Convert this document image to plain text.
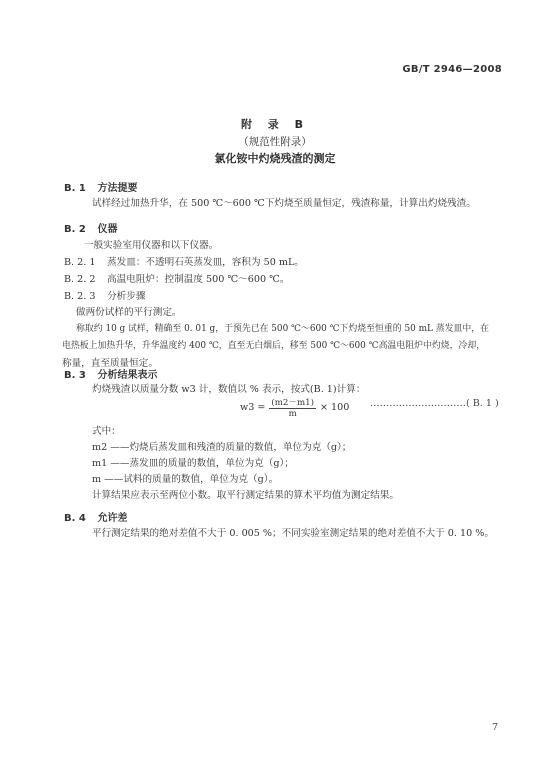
GB/T 2946—2008
附 录 B
（规范性附录）
氯化铵中灼烧残渣的测定
B. 1 方法提要
试样经过加热升华，在 500 ℃～600 ℃下灼烧至质量恒定，残渣称量，计算出灼烧残渣。
B. 2 仪器
一般实验室用仪器和以下仪器。
B. 2. 1 蒸发皿：不透明石英蒸发皿，容积为 50 mL。
B. 2. 2 高温电阻炉：控制温度 500 ℃～600 ℃。
B. 2. 3 分析步骤
做两份试样的平行测定。
称取约 10 g 试样，精确至 0. 01 g，于预先已在 500 ℃～600 ℃下灼烧至恒重的 50 mL 蒸发皿中，在
电热板上加热升华，升华温度约 400 ℃，直至无白烟后，移至 500 ℃～600 ℃高温电阻炉中灼烧，冷却，
称量，直至质量恒定。
B. 3 分析结果表示
灼烧残渣以质量分数 w3 计，数值以 % 表示，按式(B. 1)计算：
$w3 = \frac{(m2-m1)}{m} \times 100$ …………………………( B. 1 )
式中：
m2 ——灼烧后蒸发皿和残渣的质量的数值，单位为克（g）；
m1 ——蒸发皿的质量的数值，单位为克（g）；
m ——试料的质量的数值，单位为克（g）。
计算结果应表示至两位小数。取平行测定结果的算术平均值为测定结果。
B. 4 允许差
平行测定结果的绝对差值不大于 0. 005 %；不同实验室测定结果的绝对差值不大于 0. 10 %。
7
